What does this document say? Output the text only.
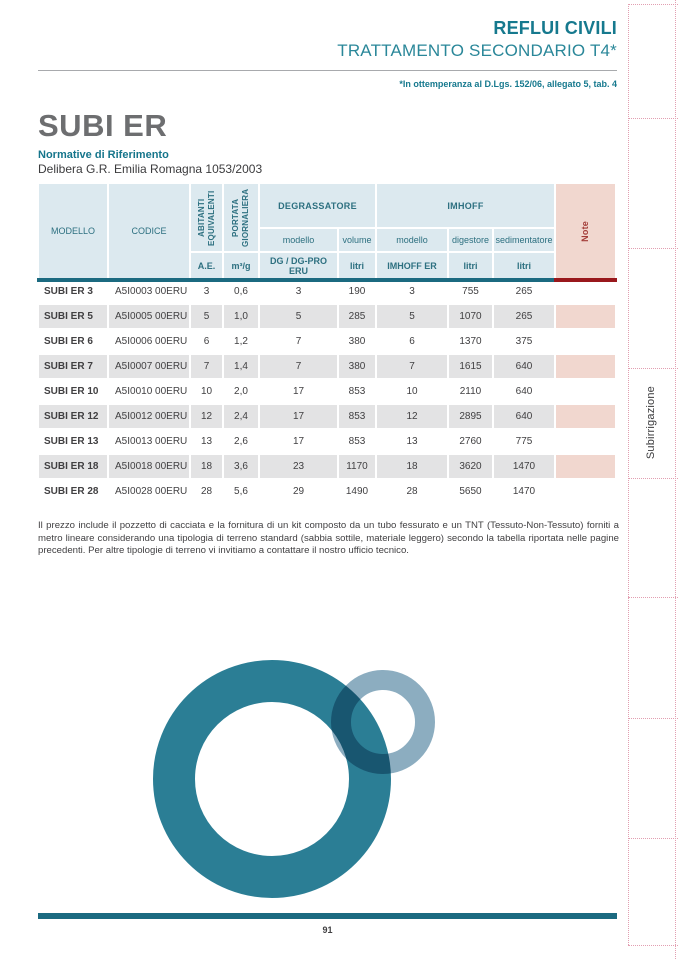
REFLUI CIVILI
TRATTAMENTO SECONDARIO T4*
*In ottemperanza al D.Lgs. 152/06, allegato 5, tab. 4
SUBI ER
Normative di Riferimento
Delibera G.R. Emilia Romagna 1053/2003
MODELLO	CODICE	ABITANTI EQUIVALENTI	PORTATA GIORNALIERA	DEGRASSATORE		IMHOFF			Note

				modello	volume	modello	digestore	sedimentatore	
		A.E.	m³/g	DG / DG-PRO ERU	litri	IMHOFF ER	litri	litri	
SUBI ER 3	A5I0003 00ERU	3	0,6	3	190	3	755	265	
SUBI ER 5	A5I0005 00ERU	5	1,0	5	285	5	1070	265	
SUBI ER 6	A5I0006 00ERU	6	1,2	7	380	6	1370	375	
SUBI ER 7	A5I0007 00ERU	7	1,4	7	380	7	1615	640	
SUBI ER 10	A5I0010 00ERU	10	2,0	17	853	10	2110	640	
SUBI ER 12	A5I0012 00ERU	12	2,4	17	853	12	2895	640	
SUBI ER 13	A5I0013 00ERU	13	2,6	17	853	13	2760	775	
SUBI ER 18	A5I0018 00ERU	18	3,6	23	1170	18	3620	1470	
SUBI ER 28	A5I0028 00ERU	28	5,6	29	1490	28	5650	1470	
Il prezzo include il pozzetto di cacciata e la fornitura di un kit composto da un tubo fessurato e un TNT (Tessuto-Non-Tessuto) forniti a metro lineare considerando una tipologia di terreno standard (sabbia sottile, materiale leggero) secondo la tabella riportata nelle pagine precedenti. Per altre tipologie di terreno vi invitiamo a contattare il nostro ufficio tecnico.
91
Subirrigazione
